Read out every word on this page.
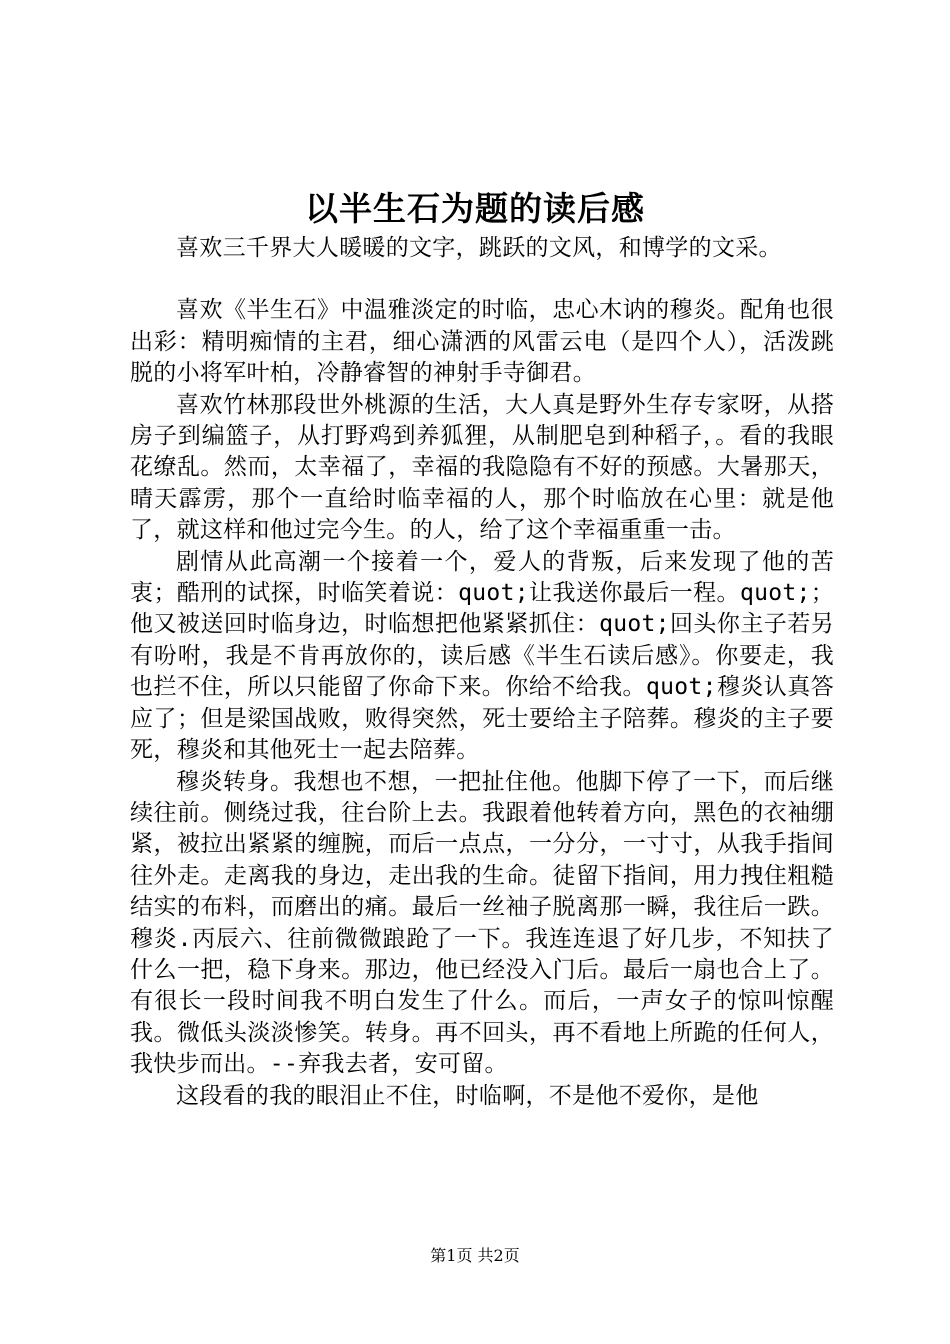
以半生石为题的读后感

喜欢三千界大人暖暖的文字，跳跃的文风，和博学的文采。

喜欢《半生石》中温雅淡定的时临，忠心木讷的穆炎。配角也很出彩：精明痴情的主君，细心潇洒的风雷云电（是四个人），活泼跳脱的小将军叶柏，冷静睿智的神射手寺御君。

喜欢竹林那段世外桃源的生活，大人真是野外生存专家呀，从搭房子到编篮子，从打野鸡到养狐狸，从制肥皂到种稻子，。看的我眼花缭乱。然而，太幸福了，幸福的我隐隐有不好的预感。大暑那天，晴天霹雳，那个一直给时临幸福的人，那个时临放在心里：就是他了，就这样和他过完今生。的人，给了这个幸福重重一击。

剧情从此高潮一个接着一个，爱人的背叛，后来发现了他的苦衷；酷刑的试探，时临笑着说：quot;让我送你最后一程。quot;；他又被送回时临身边，时临想把他紧紧抓住：quot;回头你主子若另有吩咐，我是不肯再放你的，读后感《半生石读后感》。你要走，我也拦不住，所以只能留了你命下来。你给不给我。quot;穆炎认真答应了；但是梁国战败，败得突然，死士要给主子陪葬。穆炎的主子要死，穆炎和其他死士一起去陪葬。

穆炎转身。我想也不想，一把扯住他。他脚下停了一下，而后继续往前。侧绕过我，往台阶上去。我跟着他转着方向，黑色的衣袖绷紧，被拉出紧紧的缠腕，而后一点点，一分分，一寸寸，从我手指间往外走。走离我的身边，走出我的生命。徒留下指间，用力拽住粗糙结实的布料，而磨出的痛。最后一丝袖子脱离那一瞬，我往后一跌。穆炎.丙辰六、往前微微踉跄了一下。我连连退了好几步，不知扶了什么一把，稳下身来。那边，他已经没入门后。最后一扇也合上了。有很长一段时间我不明白发生了什么。而后，一声女子的惊叫惊醒我。微低头淡淡惨笑。转身。再不回头，再不看地上所跪的任何人，我快步而出。--弃我去者，安可留。

这段看的我的眼泪止不住，时临啊，不是他不爱你，是他

第1页 共2页
